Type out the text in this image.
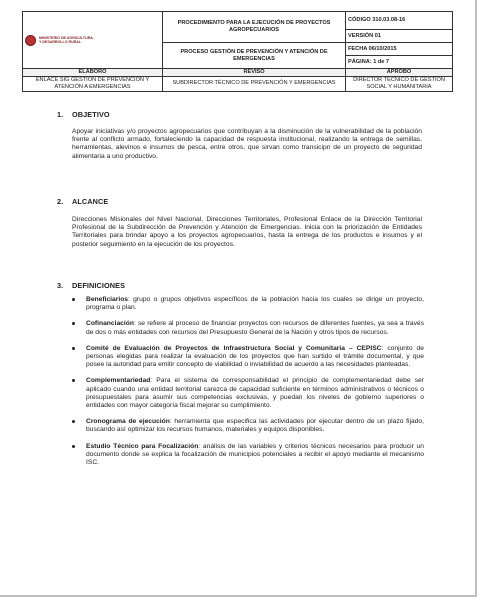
MINISTERIO DE AGRICULTURA
Y DESARROLLO RURAL	PROCEDIMIENTO PARA LA EJECUCIÓN DE PROYECTOS AGROPECUARIOS	CÓDIGO 310.03.08-16
		VERSIÓN 01
	PROCESO GESTIÓN DE PREVENCIÓN Y ATENCIÓN DE EMERGENCIAS	FECHA 06/10/2015
		PÁGINA: 1 de 7
ELABORÓ	REVISÓ	APROBÓ
ENLACE SIG GESTIÓN DE PREVENCIÓN Y ATENCIÓN A EMERGENCIAS	SUBDIRECTOR TÉCNICO DE PREVENCIÓN Y EMERGENCIAS	DIRECTOR TÉCNICO DE GESTIÓN SOCIAL Y HUMANITARIA
1. OBJETIVO
Apoyar iniciativas y/o proyectos agropecuarios que contribuyan a la disminución de la vulnerabilidad de la población frente al conflicto armado, fortaleciendo la capacidad de respuesta institucional, realizando la entrega de semillas, herramientas, alevinos e insumos de pesca, entre otros, que sirvan como transicipn de un proyecto de seguridad alimentaria a uno productivo.
2. ALCANCE
Direcciones Misionales del Nivel Nacional, Direcciones Territoriales, Profesional Enlace de la Dirección Territorial Profesional de la Subdirección de Prevención y Atención de Emergencias. Inicia con la priorización de Entidades Territoriales para brindar apoyo a los proyectos agropecuarios, hasta la entrega de los productos e insumos y el posterior seguimiento en la ejecución de los proyectos.
3. DEFINICIONES
Beneficiarios: grupo o grupos objetivos específicos de la población hacia los cuales se dirige un proyecto, programa o plan.
Cofinanciación: se refiere al proceso de financiar proyectos con recursos de diferentes fuentes, ya sea a través de dos o más entidades con recursos del Presupuesto General de la Nación y otros tipos de recursos.
Comité de Evaluación de Proyectos de Infraestructura Social y Comunitaria – CEPISC: conjunto de personas elegidas para realizar la evaluación de los proyectos que han surtido el trámite documental, y que posee la autoridad para emitir concepto de viabilidad o inviabilidad de acuerdo a las necesidades planteadas.
Complementariedad: Para el sistema de corresponsabilidad el principio de complementariedad debe ser aplicado cuando una entidad territorial carezca de capacidad suficiente en términos administrativos o técnicos o presupuestales para asumir sus competencias exclusivas, y puedan los niveles de gobierno superiores o entidades con mayor categoría fiscal mejorar su cumplimiento.
Cronograma de ejecución: herramienta que especifica las actividades por ejecutar dentro de un plazo fijado, buscando así optimizar los recursos humanos, materiales y equipos disponibles.
Estudio Técnico para Focalización: análisis de las variables y criterios técnicos necesarios para producir un documento donde se explica la focalización de municipios potenciales a recibir el apoyo mediante el mecanismo ISC.
